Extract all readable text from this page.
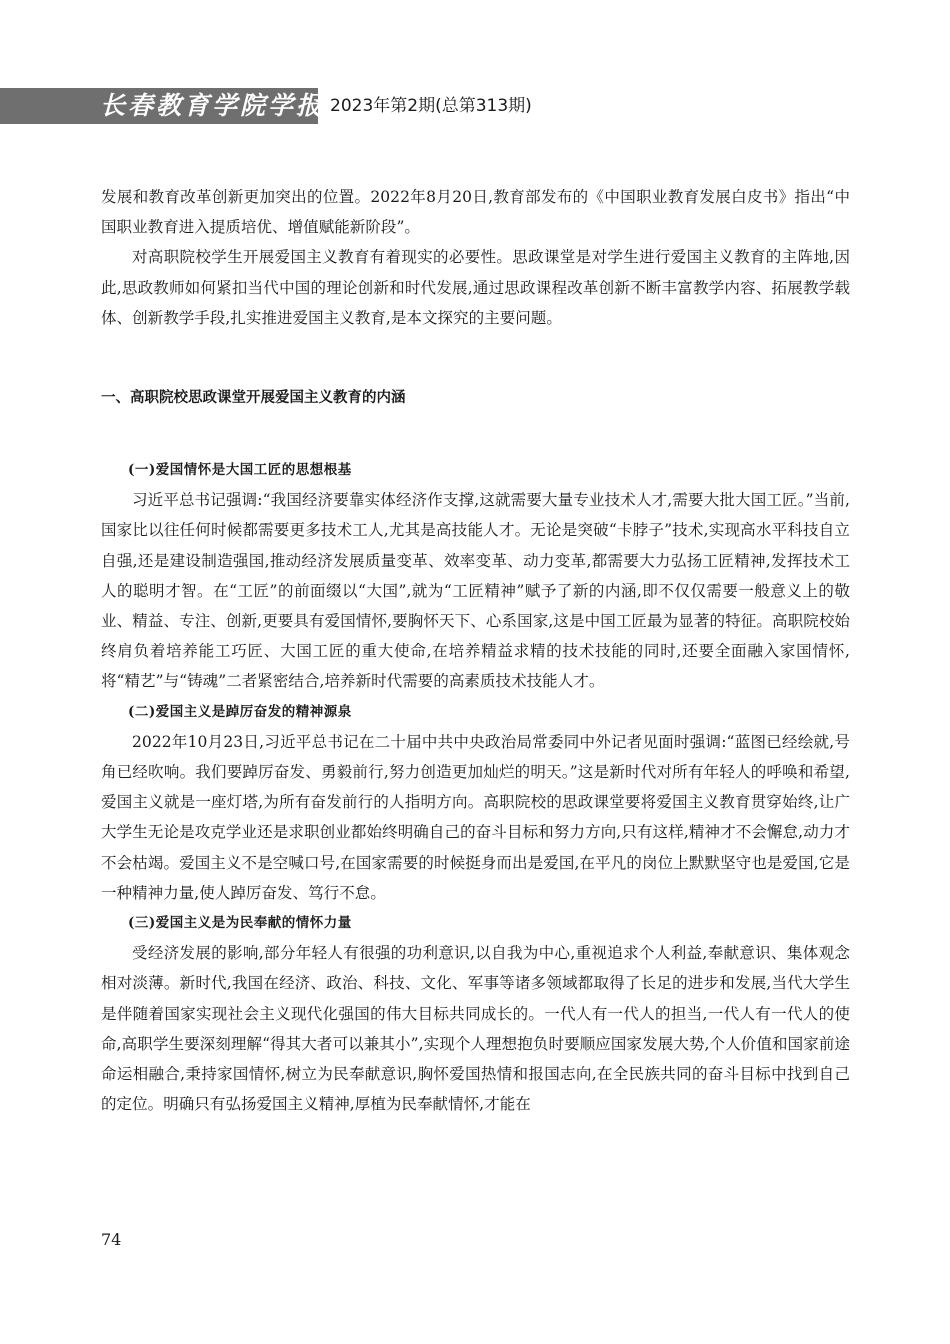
长春教育学院学报 2023年第2期(总第313期)

发展和教育改革创新更加突出的位置。2022年8月20日,教育部发布的《中国职业教育发展白皮书》指出“中国职业教育进入提质培优、增值赋能新阶段”。

对高职院校学生开展爱国主义教育有着现实的必要性。思政课堂是对学生进行爱国主义教育的主阵地,因此,思政教师如何紧扣当代中国的理论创新和时代发展,通过思政课程改革创新不断丰富教学内容、拓展教学载体、创新教学手段,扎实推进爱国主义教育,是本文探究的主要问题。

一、高职院校思政课堂开展爱国主义教育的内涵
(一)爱国情怀是大国工匠的思想根基

习近平总书记强调:“我国经济要靠实体经济作支撑,这就需要大量专业技术人才,需要大批大国工匠。”当前,国家比以往任何时候都需要更多技术工人,尤其是高技能人才。无论是突破“卡脖子”技术,实现高水平科技自立自强,还是建设制造强国,推动经济发展质量变革、效率变革、动力变革,都需要大力弘扬工匠精神,发挥技术工人的聪明才智。在“工匠”的前面缀以“大国”,就为“工匠精神”赋予了新的内涵,即不仅仅需要一般意义上的敬业、精益、专注、创新,更要具有爱国情怀,要胸怀天下、心系国家,这是中国工匠最为显著的特征。高职院校始终肩负着培养能工巧匠、大国工匠的重大使命,在培养精益求精的技术技能的同时,还要全面融入家国情怀,将“精艺”与“铸魂”二者紧密结合,培养新时代需要的高素质技术技能人才。

(二)爱国主义是踔厉奋发的精神源泉

2022年10月23日,习近平总书记在二十届中共中央政治局常委同中外记者见面时强调:“蓝图已经绘就,号角已经吹响。我们要踔厉奋发、勇毅前行,努力创造更加灿烂的明天。”这是新时代对所有年轻人的呼唤和希望,爱国主义就是一座灯塔,为所有奋发前行的人指明方向。高职院校的思政课堂要将爱国主义教育贯穿始终,让广大学生无论是攻克学业还是求职创业都始终明确自己的奋斗目标和努力方向,只有这样,精神才不会懈怠,动力才不会枯竭。爱国主义不是空喊口号,在国家需要的时候挺身而出是爱国,在平凡的岗位上默默坚守也是爱国,它是一种精神力量,使人踔厉奋发、笃行不怠。

(三)爱国主义是为民奉献的情怀力量

受经济发展的影响,部分年轻人有很强的功利意识,以自我为中心,重视追求个人利益,奉献意识、集体观念相对淡薄。新时代,我国在经济、政治、科技、文化、军事等诸多领域都取得了长足的进步和发展,当代大学生是伴随着国家实现社会主义现代化强国的伟大目标共同成长的。一代人有一代人的担当,一代人有一代人的使命,高职学生要深刻理解“得其大者可以兼其小”,实现个人理想抱负时要顺应国家发展大势,个人价值和国家前途命运相融合,秉持家国情怀,树立为民奉献意识,胸怀爱国热情和报国志向,在全民族共同的奋斗目标中找到自己的定位。明确只有弘扬爱国主义精神,厚植为民奉献情怀,才能在

74
